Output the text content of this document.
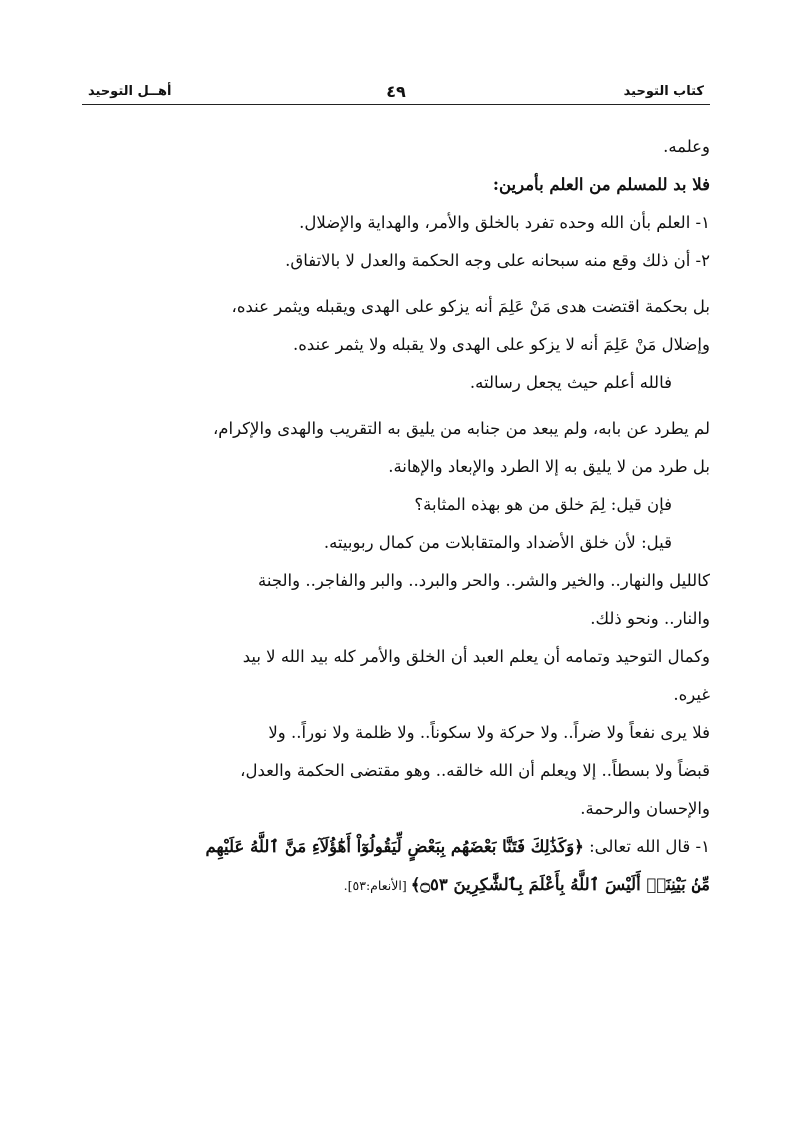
أهــل التوحيد	٤٩	كتاب التوحيد

وعلمه.

فلا بد للمسلم من العلم بأمرين:

١- العلم بأن الله وحده تفرد بالخلق والأمر، والهداية والإضلال.

٢- أن ذلك وقع منه سبحانه على وجه الحكمة والعدل لا بالاتفاق.

بل بحكمة اقتضت هدى مَنْ عَلِمَ أنه يزكو على الهدى ويقبله ويثمر عنده،

وإضلال مَنْ عَلِمَ أنه لا يزكو على الهدى ولا يقبله ولا يثمر عنده.

فالله أعلم حيث يجعل رسالته.

لم يطرد عن بابه، ولم يبعد من جنابه من يليق به التقريب والهدى والإكرام،

بل طرد من لا يليق به إلا الطرد والإبعاد والإهانة.

فإن قيل: لِمَ خلق من هو بهذه المثابة؟

قيل: لأن خلق الأضداد والمتقابلات من كمال ربوبيته.

كالليل والنهار.. والخير والشر.. والحر والبرد.. والبر والفاجر.. والجنة

والنار.. ونحو ذلك.

وكمال التوحيد وتمامه أن يعلم العبد أن الخلق والأمر كله بيد الله لا بيد

غيره.

فلا يرى نفعاً ولا ضراً.. ولا حركة ولا سكوناً.. ولا ظلمة ولا نوراً.. ولا

قبضاً ولا بسطاً.. إلا ويعلم أن الله خالقه.. وهو مقتضى الحكمة والعدل،

والإحسان والرحمة.

١- قال الله تعالى: ﴿وَكَذَٰلِكَ فَتَنَّا بَعْضَهُم بِبَعْضٍ لِّيَقُولُوٓاْ أَهَٰٓؤُلَآءِ مَنَّ ٱللَّهُ عَلَيْهِم

مِّنۢ بَيْنِنَآۗ أَلَيْسَ ٱللَّهُ بِأَعْلَمَ بِٱلشَّٰكِرِينَ ۝٥٣﴾ [الأنعام:٥٣].
